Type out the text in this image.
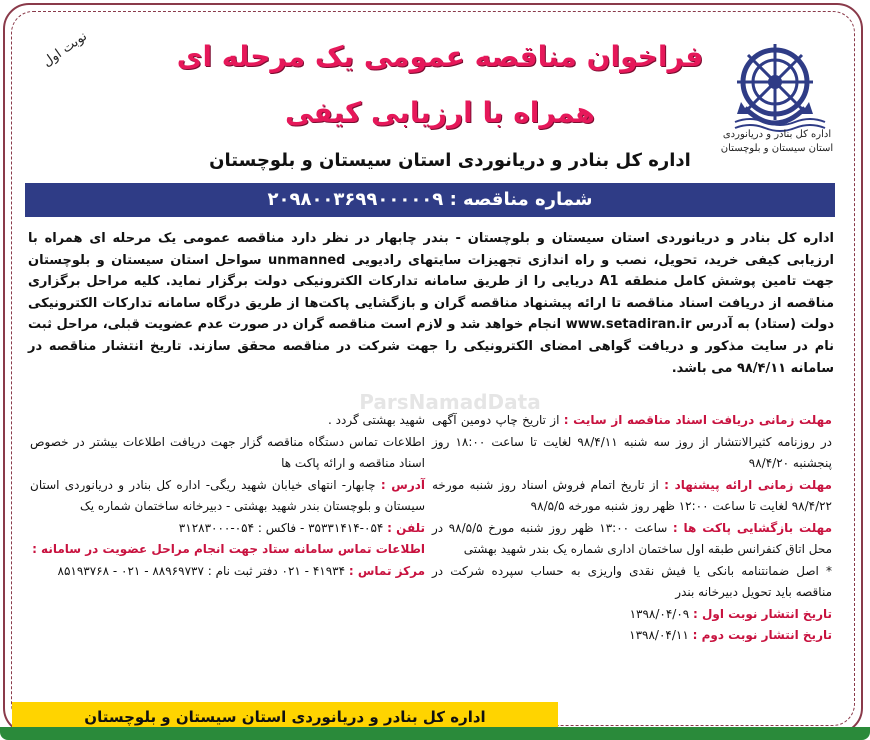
اداره کل بنادر و دریانوردی
استان سیستان و بلوچستان
نوبت اول	فراخوان مناقصه عمومی یک مرحله ای
همراه با ارزیابی کیفی
اداره کل بنادر و دریانوردی استان سیستان و بلوچستان
شماره مناقصه : ۲۰۹۸۰۰۳۶۹۹۰۰۰۰۰۹
ParsNamadData
اداره کل بنادر و دریانوردی استان سیستان و بلوچستان - بندر چابهار در نظر دارد مناقصه عمومی یک مرحله ای همراه با ارزیابی کیفی خرید، تحویل، نصب و راه اندازی تجهیزات سایتهای رادیویی unmanned سواحل استان سیستان و بلوچستان جهت تامین پوشش کامل منطقه A1 دریایی را از طریق سامانه تدارکات الکترونیکی دولت برگزار نماید. کلیه مراحل برگزاری مناقصه از دریافت اسناد مناقصه تا ارائه پیشنهاد مناقصه گران و بازگشایی پاکت‌ها از طریق درگاه سامانه تدارکات الکترونیکی دولت (ستاد) به آدرس www.setadiran.ir انجام خواهد شد و لازم است مناقصه گران در صورت عدم عضویت قبلی، مراحل ثبت نام در سایت مذکور و دریافت گواهی امضای الکترونیکی را جهت شرکت در مناقصه محقق سازند. تاریخ انتشار مناقصه در سامانه ۹۸/۴/۱۱ می باشد.

مهلت زمانی دریافت اسناد مناقصه از سایت : از تاریخ چاپ دومین آگهی در روزنامه کثیرالانتشار از روز سه شنبه ۹۸/۴/۱۱ لغایت تا ساعت ۱۸:۰۰ روز پنجشنبه ۹۸/۴/۲۰

مهلت زمانی ارائه پیشنهاد : از تاریخ اتمام فروش اسناد روز شنبه مورخه ۹۸/۴/۲۲ لغایت تا ساعت ۱۲:۰۰ ظهر روز شنبه مورخه ۹۸/۵/۵

مهلت بازگشایی پاکت ها : ساعت ۱۳:۰۰ ظهر روز شنبه مورخ ۹۸/۵/۵ در محل اتاق کنفرانس طبقه اول ساختمان اداری شماره یک بندر شهید بهشتی

* اصل ضمانتنامه بانکی یا فیش نقدی واریزی به حساب سپرده شرکت در مناقصه باید تحویل دبیرخانه بندر

تاریخ انتشار نوبت اول : ۱۳۹۸/۰۴/۰۹

تاریخ انتشار نوبت دوم : ۱۳۹۸/۰۴/۱۱

شهید بهشتی گردد .

اطلاعات تماس دستگاه مناقصه گزار جهت دریافت اطلاعات بیشتر در خصوص اسناد مناقصه و ارائه پاکت ها

آدرس : چابهار- انتهای خیابان شهید ریگی- اداره کل بنادر و دریانوردی استان سیستان و بلوچستان بندر شهید بهشتی - دبیرخانه ساختمان شماره یک

تلفن : ۰۵۴-۳۵۳۳۱۴۱۴ - فاکس : ۰۵۴-۳۱۲۸۳۰۰۰

اطلاعات تماس سامانه ستاد جهت انجام مراحل عضویت در سامانه :

مرکز تماس : ۴۱۹۳۴ - ۰۲۱ دفتر ثبت نام : ۸۸۹۶۹۷۳۷ - ۰۲۱ - ۸۵۱۹۳۷۶۸

اداره کل بنادر و دریانوردی استان سیستان و بلوچستان
